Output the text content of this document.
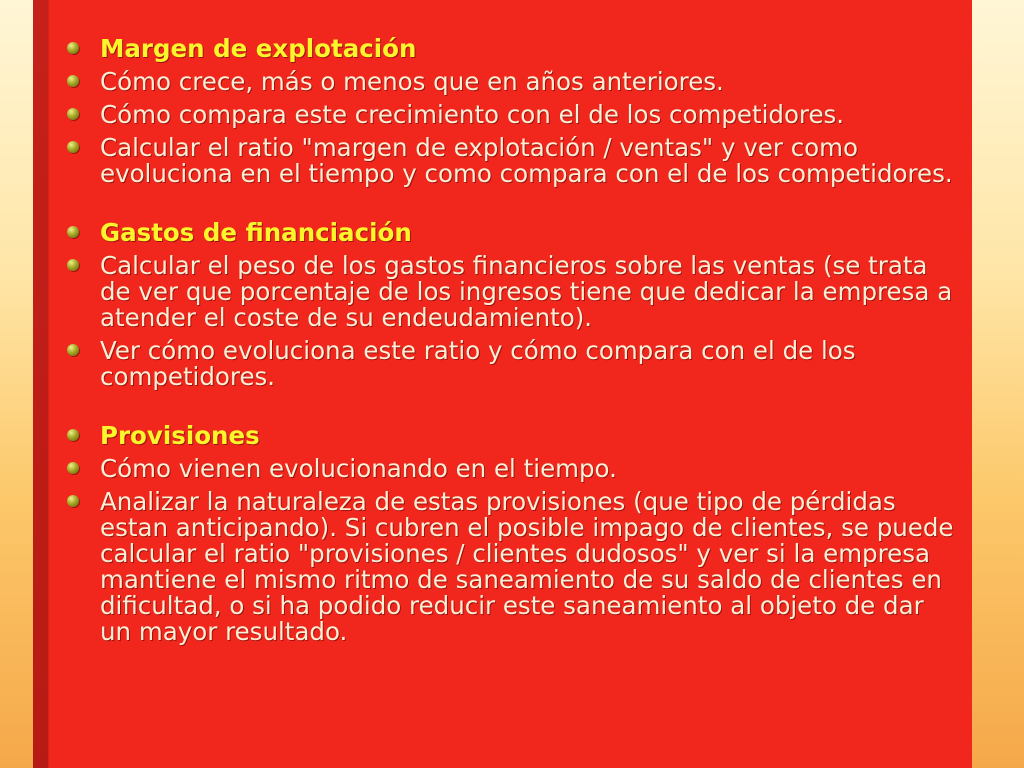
Margen de explotación
Cómo crece, más o menos que en años anteriores.
Cómo compara este crecimiento con el de los competidores.
Calcular el ratio "margen de explotación / ventas" y ver como evoluciona en el tiempo y como compara con el de los competidores.
Gastos de financiación
Calcular el peso de los gastos financieros sobre las ventas (se trata de ver que porcentaje de los ingresos tiene que dedicar la empresa a atender el coste de su endeudamiento).
Ver cómo evoluciona este ratio y cómo compara con el de los competidores.
Provisiones
Cómo vienen evolucionando en el tiempo.
Analizar la naturaleza de estas provisiones (que tipo de pérdidas estan anticipando). Si cubren el posible impago de clientes, se puede calcular el ratio "provisiones / clientes dudosos" y ver si la empresa mantiene el mismo ritmo de saneamiento de su saldo de clientes en dificultad, o si ha podido reducir este saneamiento al objeto de dar un mayor resultado.
